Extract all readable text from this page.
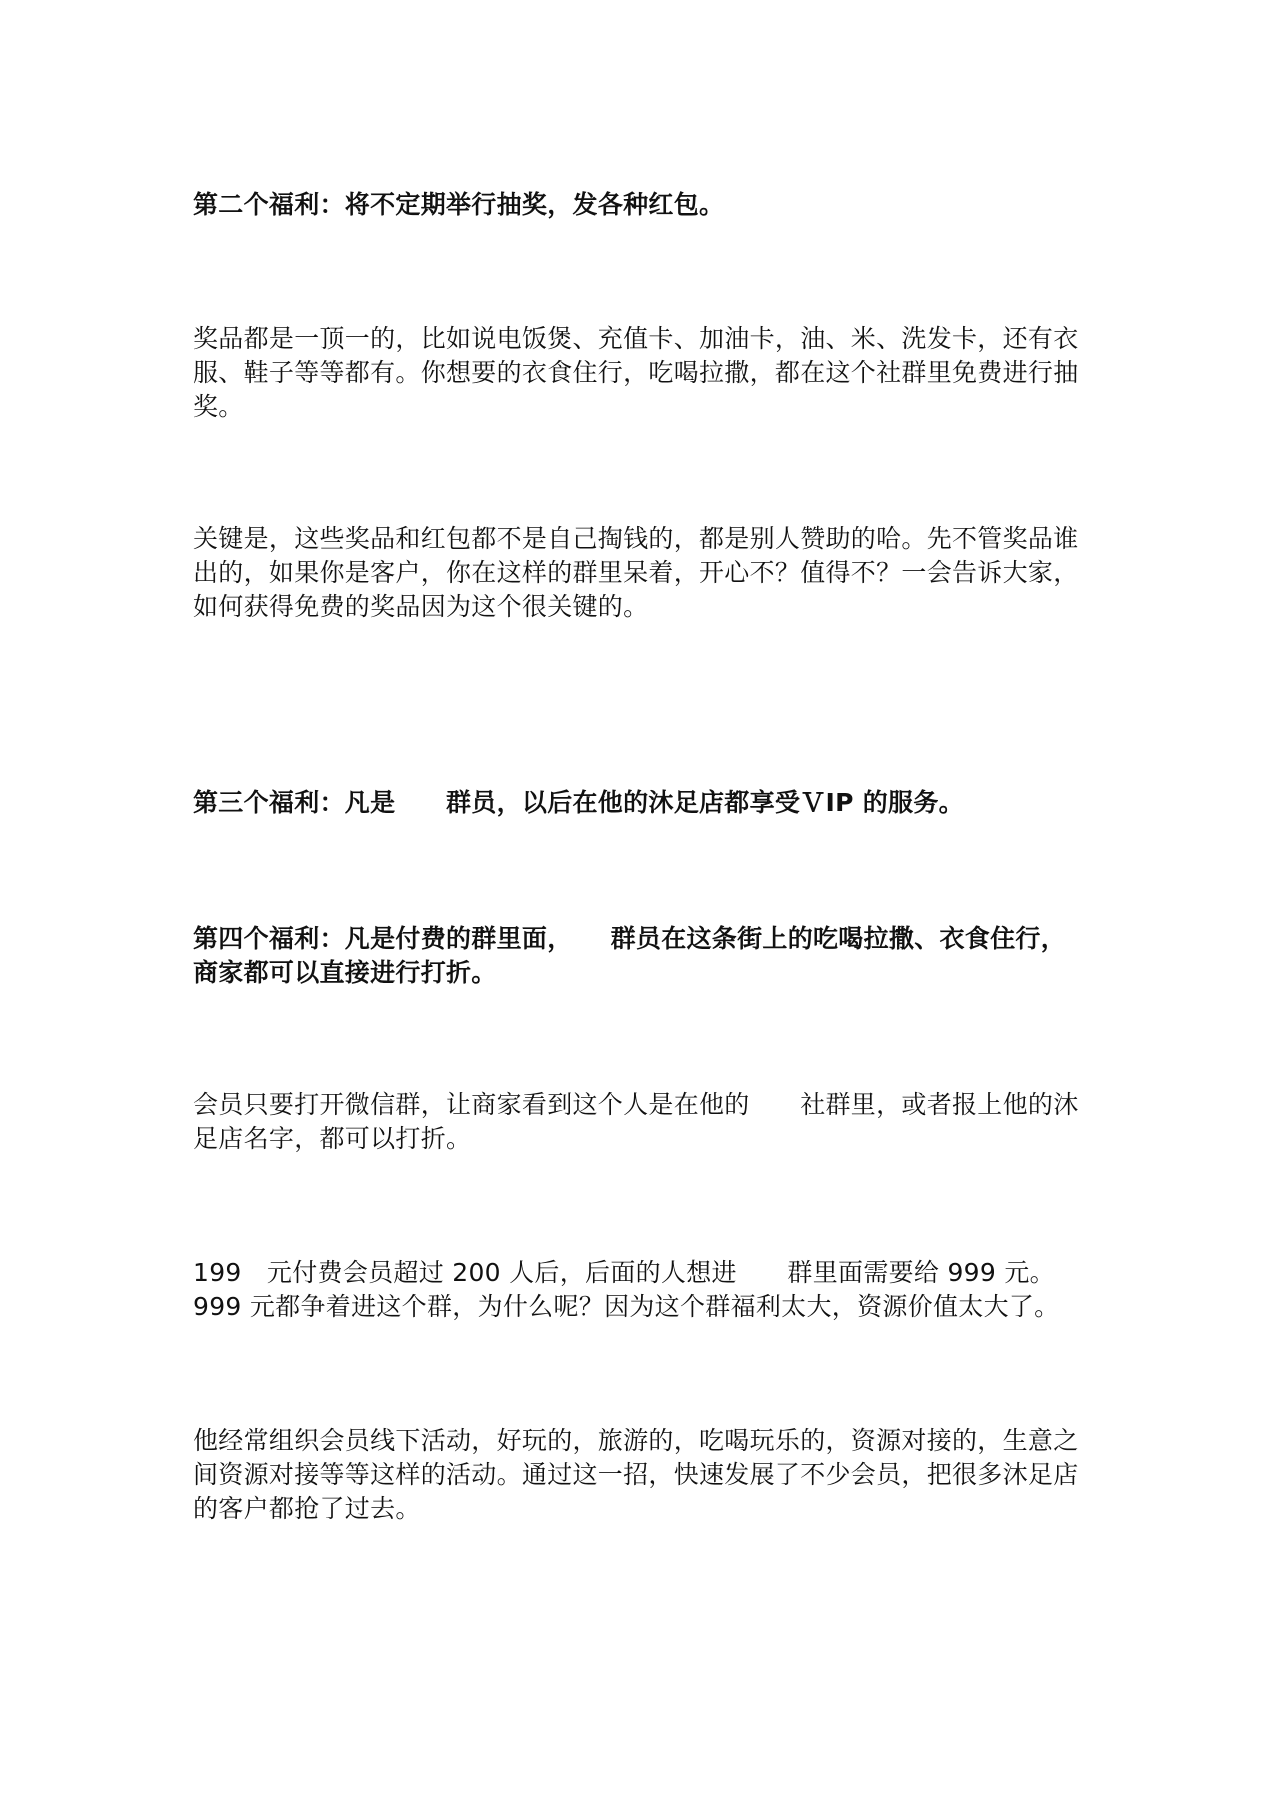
第二个福利：将不定期举行抽奖，发各种红包。

奖品都是一顶一的，比如说电饭煲、充值卡、加油卡，油、米、洗发卡，还有衣服、鞋子等等都有。你想要的衣食住行，吃喝拉撒，都在这个社群里免费进行抽奖。

关键是，这些奖品和红包都不是自己掏钱的，都是别人赞助的哈。先不管奖品谁出的，如果你是客户，你在这样的群里呆着，开心不？值得不？一会告诉大家，如何获得免费的奖品因为这个很关键的。

第三个福利：凡是　　群员，以后在他的沐足店都享受ＶIP 的服务。

第四个福利：凡是付费的群里面，　　群员在这条街上的吃喝拉撒、衣食住行，商家都可以直接进行打折。

会员只要打开微信群，让商家看到这个人是在他的　　社群里，或者报上他的沐足店名字，都可以打折。

199　元付费会员超过 200 人后，后面的人想进　　群里面需要给 999 元。999 元都争着进这个群，为什么呢？因为这个群福利太大，资源价值太大了。

他经常组织会员线下活动，好玩的，旅游的，吃喝玩乐的，资源对接的，生意之间资源对接等等这样的活动。通过这一招，快速发展了不少会员，把很多沐足店的客户都抢了过去。
